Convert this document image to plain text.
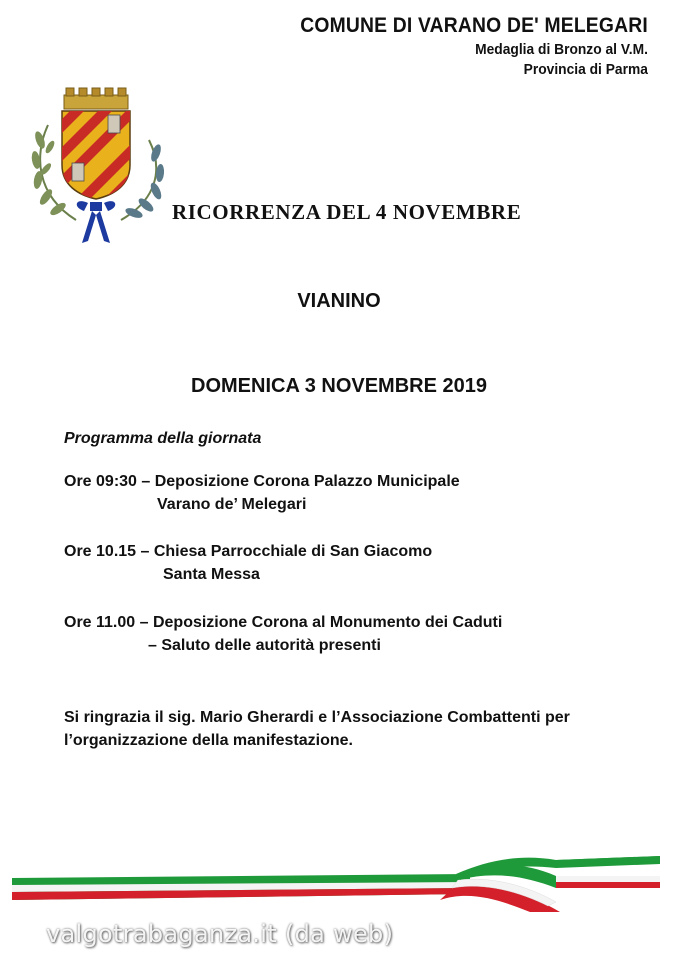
COMUNE DI VARANO DE' MELEGARI
Medaglia di Bronzo al V.M.
Provincia di Parma
RICORRENZA DEL 4 NOVEMBRE
VIANINO
DOMENICA 3 NOVEMBRE 2019
Programma della giornata
Ore 09:30 – Deposizione Corona Palazzo Municipale
Varano de’ Melegari
Ore 10.15 – Chiesa Parrocchiale di San Giacomo
Santa Messa
Ore 11.00 – Deposizione Corona al Monumento dei Caduti
– Saluto delle autorità presenti
Si ringrazia il sig. Mario Gherardi e l’Associazione Combattenti per l’organizzazione della manifestazione.
valgotrabaganza.it (da web)
